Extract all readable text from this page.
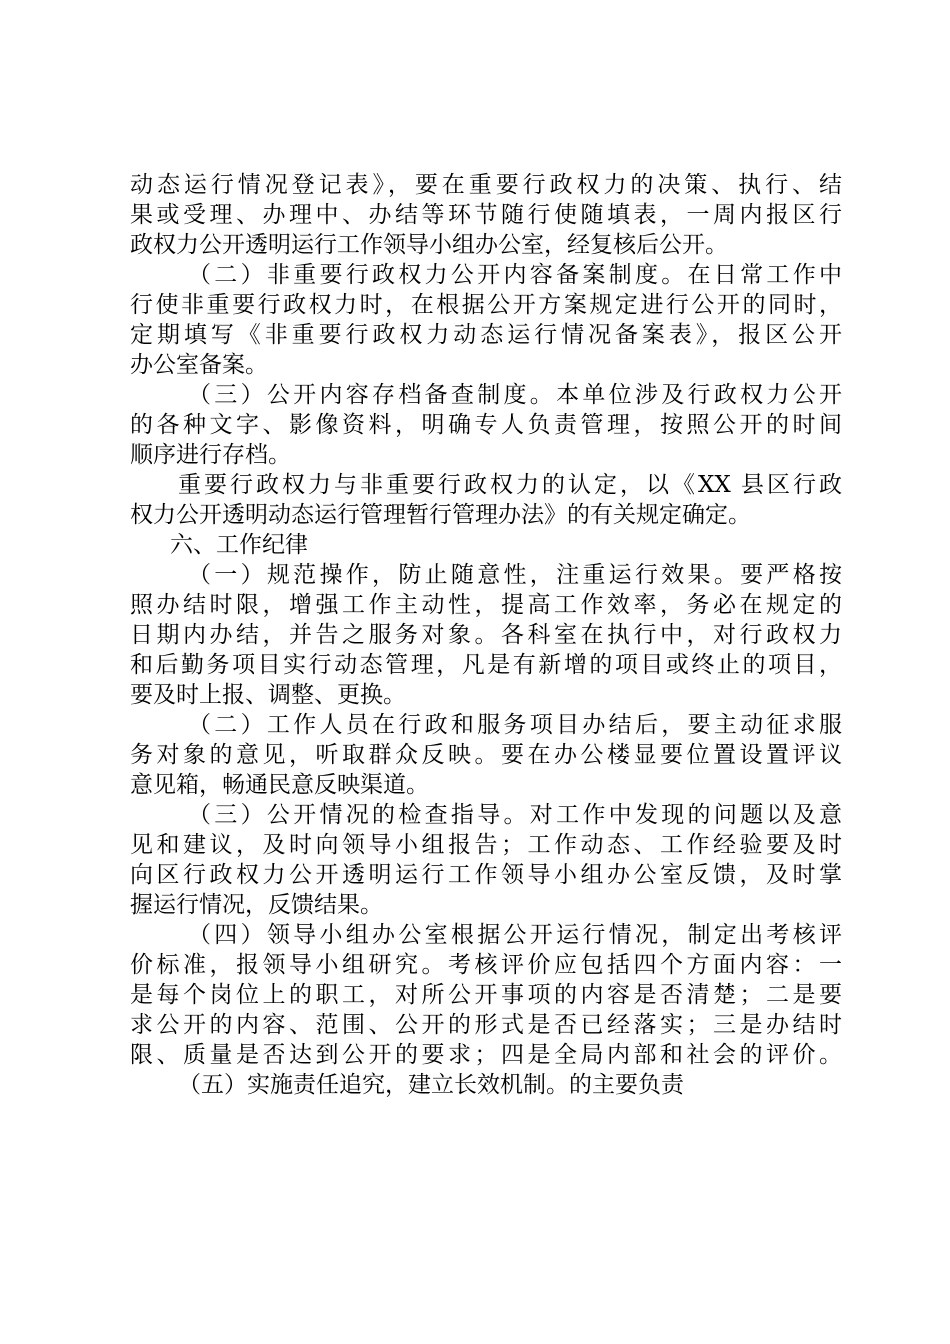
动态运行情况登记表》，要在重要行政权力的决策、执行、结
果或受理、办理中、办结等环节随行使随填表，一周内报区行
政权力公开透明运行工作领导小组办公室，经复核后公开。
（二）非重要行政权力公开内容备案制度。在日常工作中
行使非重要行政权力时，在根据公开方案规定进行公开的同时，
定期填写《非重要行政权力动态运行情况备案表》，报区公开
办公室备案。
（三）公开内容存档备查制度。本单位涉及行政权力公开
的各种文字、影像资料，明确专人负责管理，按照公开的时间
顺序进行存档。
重要行政权力与非重要行政权力的认定，以《XX 县区行政
权力公开透明动态运行管理暂行管理办法》的有关规定确定。
六、工作纪律
（一）规范操作，防止随意性，注重运行效果。要严格按
照办结时限，增强工作主动性，提高工作效率，务必在规定的
日期内办结，并告之服务对象。各科室在执行中，对行政权力
和后勤务项目实行动态管理，凡是有新增的项目或终止的项目，
要及时上报、调整、更换。
（二）工作人员在行政和服务项目办结后，要主动征求服
务对象的意见，听取群众反映。要在办公楼显要位置设置评议
意见箱，畅通民意反映渠道。
（三）公开情况的检查指导。对工作中发现的问题以及意
见和建议，及时向领导小组报告；工作动态、工作经验要及时
向区行政权力公开透明运行工作领导小组办公室反馈，及时掌
握运行情况，反馈结果。
（四）领导小组办公室根据公开运行情况，制定出考核评
价标准，报领导小组研究。考核评价应包括四个方面内容：一
是每个岗位上的职工，对所公开事项的内容是否清楚；二是要
求公开的内容、范围、公开的形式是否已经落实；三是办结时
限、质量是否达到公开的要求；四是全局内部和社会的评价。
（五）实施责任追究，建立长效机制。的主要负责
